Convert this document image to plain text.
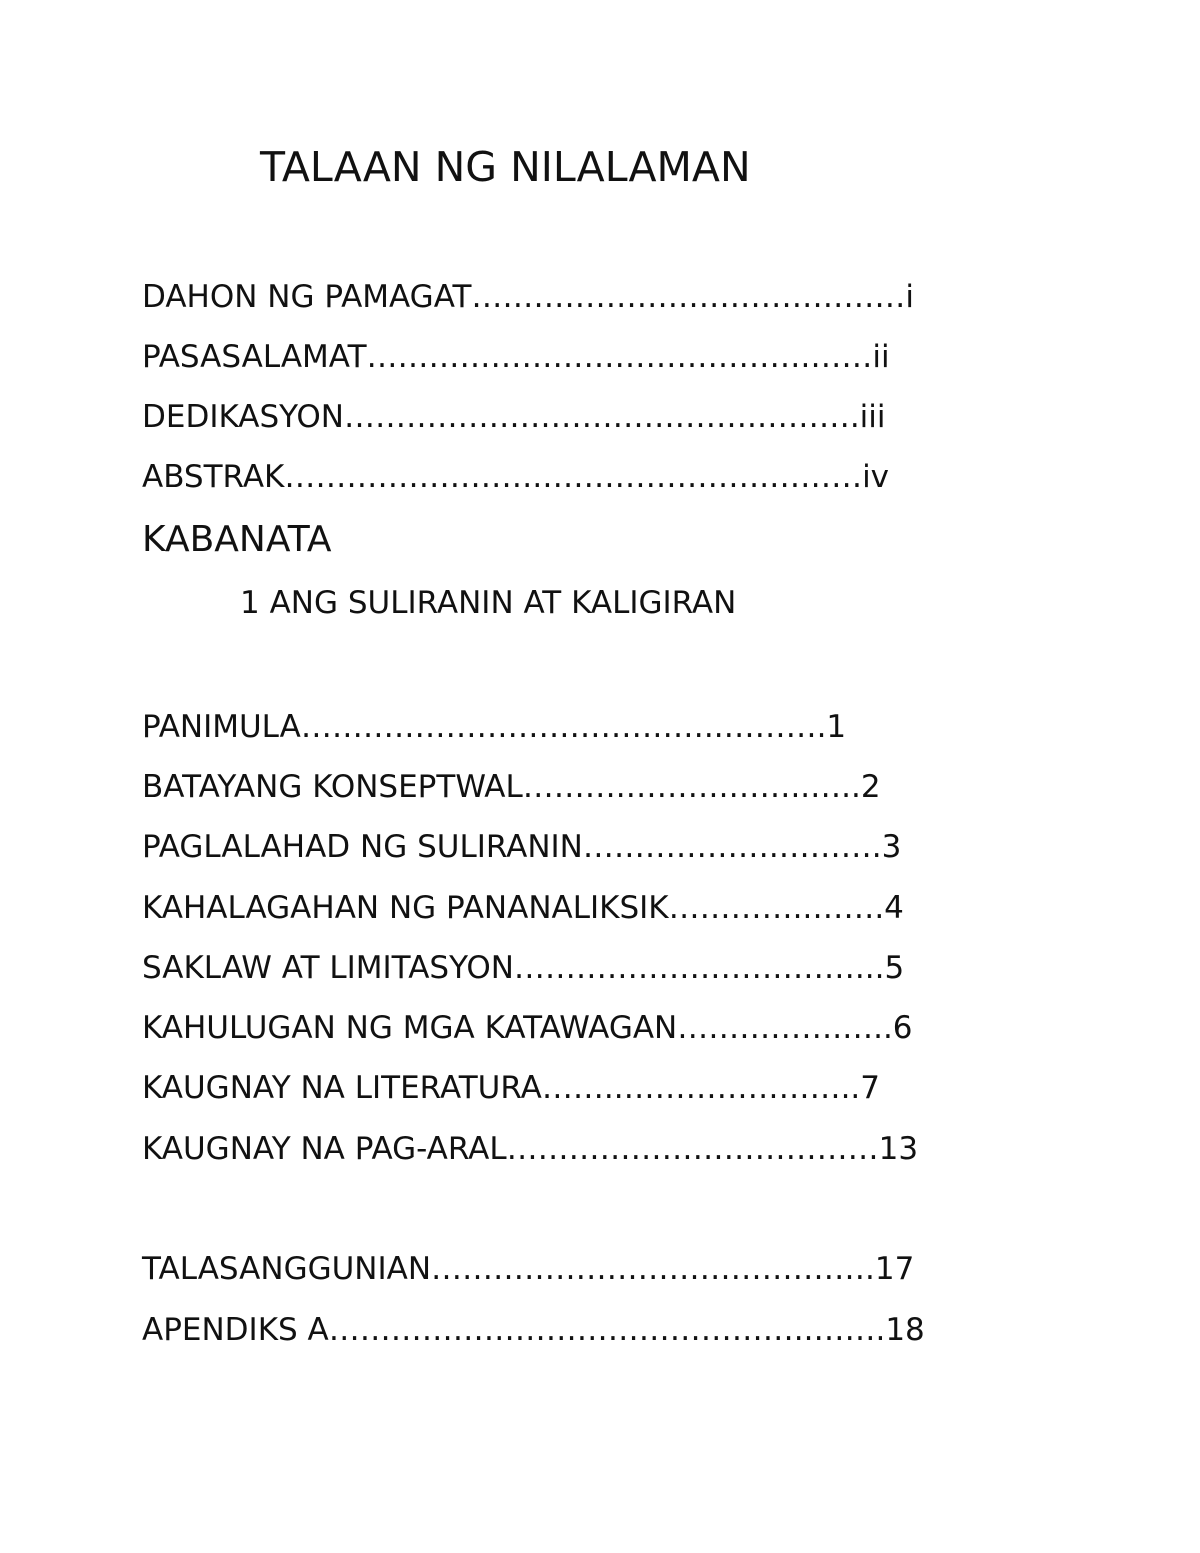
TALAAN NG NILALAMAN
DAHON NG PAMAGAT……………………………………i
PASASALAMAT…………………………………….……ii
DEDIKASYON………………………………….……….iii
ABSTRAK…………………….………………….………iv
KABANATA
1 ANG SULIRANIN AT KALIGIRAN
PANIMULA…………………………………..……….1
BATAYANG KONSEPTWAL……….……….……..…..2
PAGLALAHAD NG SULIRANIN……………….……….3
KAHALAGAHAN NG PANANALIKSIK…………..…….4
SAKLAW AT LIMITASYON……………………………...5
KAHULUGAN NG MGA KATAWAGAN…………….…..6
KAUGNAY NA LITERATURA……..…………………..7
KAUGNAY NA PAG-ARAL………………………………13
TALASANGGUNIAN…………………………………….17
APENDIKS A………………………………………..…….18
